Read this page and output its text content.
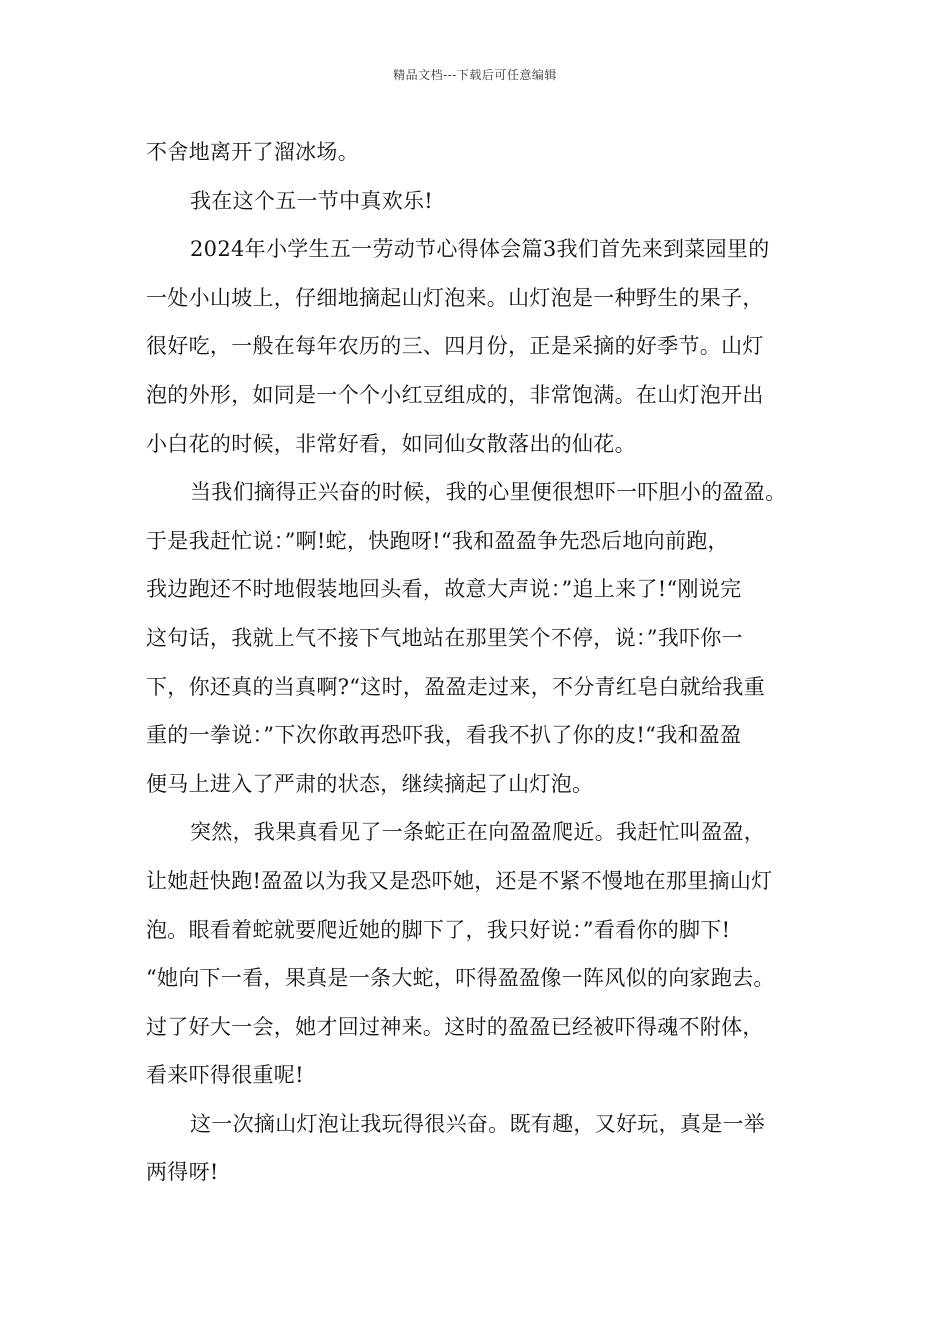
精品文档---下载后可任意编辑
不舍地离开了溜冰场。
我在这个五一节中真欢乐!
2024年小学生五一劳动节心得体会篇3我们首先来到菜园里的
一处小山坡上，仔细地摘起山灯泡来。山灯泡是一种野生的果子，
很好吃，一般在每年农历的三、四月份，正是采摘的好季节。山灯
泡的外形，如同是一个个小红豆组成的，非常饱满。在山灯泡开出
小白花的时候，非常好看，如同仙女散落出的仙花。
当我们摘得正兴奋的时候，我的心里便很想吓一吓胆小的盈盈。
于是我赶忙说：”啊!蛇，快跑呀!“我和盈盈争先恐后地向前跑，
我边跑还不时地假装地回头看，故意大声说：”追上来了!“刚说完
这句话，我就上气不接下气地站在那里笑个不停，说：”我吓你一
下，你还真的当真啊?“这时，盈盈走过来，不分青红皂白就给我重
重的一拳说：”下次你敢再恐吓我，看我不扒了你的皮!“我和盈盈
便马上进入了严肃的状态，继续摘起了山灯泡。
突然，我果真看见了一条蛇正在向盈盈爬近。我赶忙叫盈盈，
让她赶快跑!盈盈以为我又是恐吓她，还是不紧不慢地在那里摘山灯
泡。眼看着蛇就要爬近她的脚下了，我只好说：”看看你的脚下!
“她向下一看，果真是一条大蛇，吓得盈盈像一阵风似的向家跑去。
过了好大一会，她才回过神来。这时的盈盈已经被吓得魂不附体，
看来吓得很重呢!
这一次摘山灯泡让我玩得很兴奋。既有趣，又好玩，真是一举
两得呀!
